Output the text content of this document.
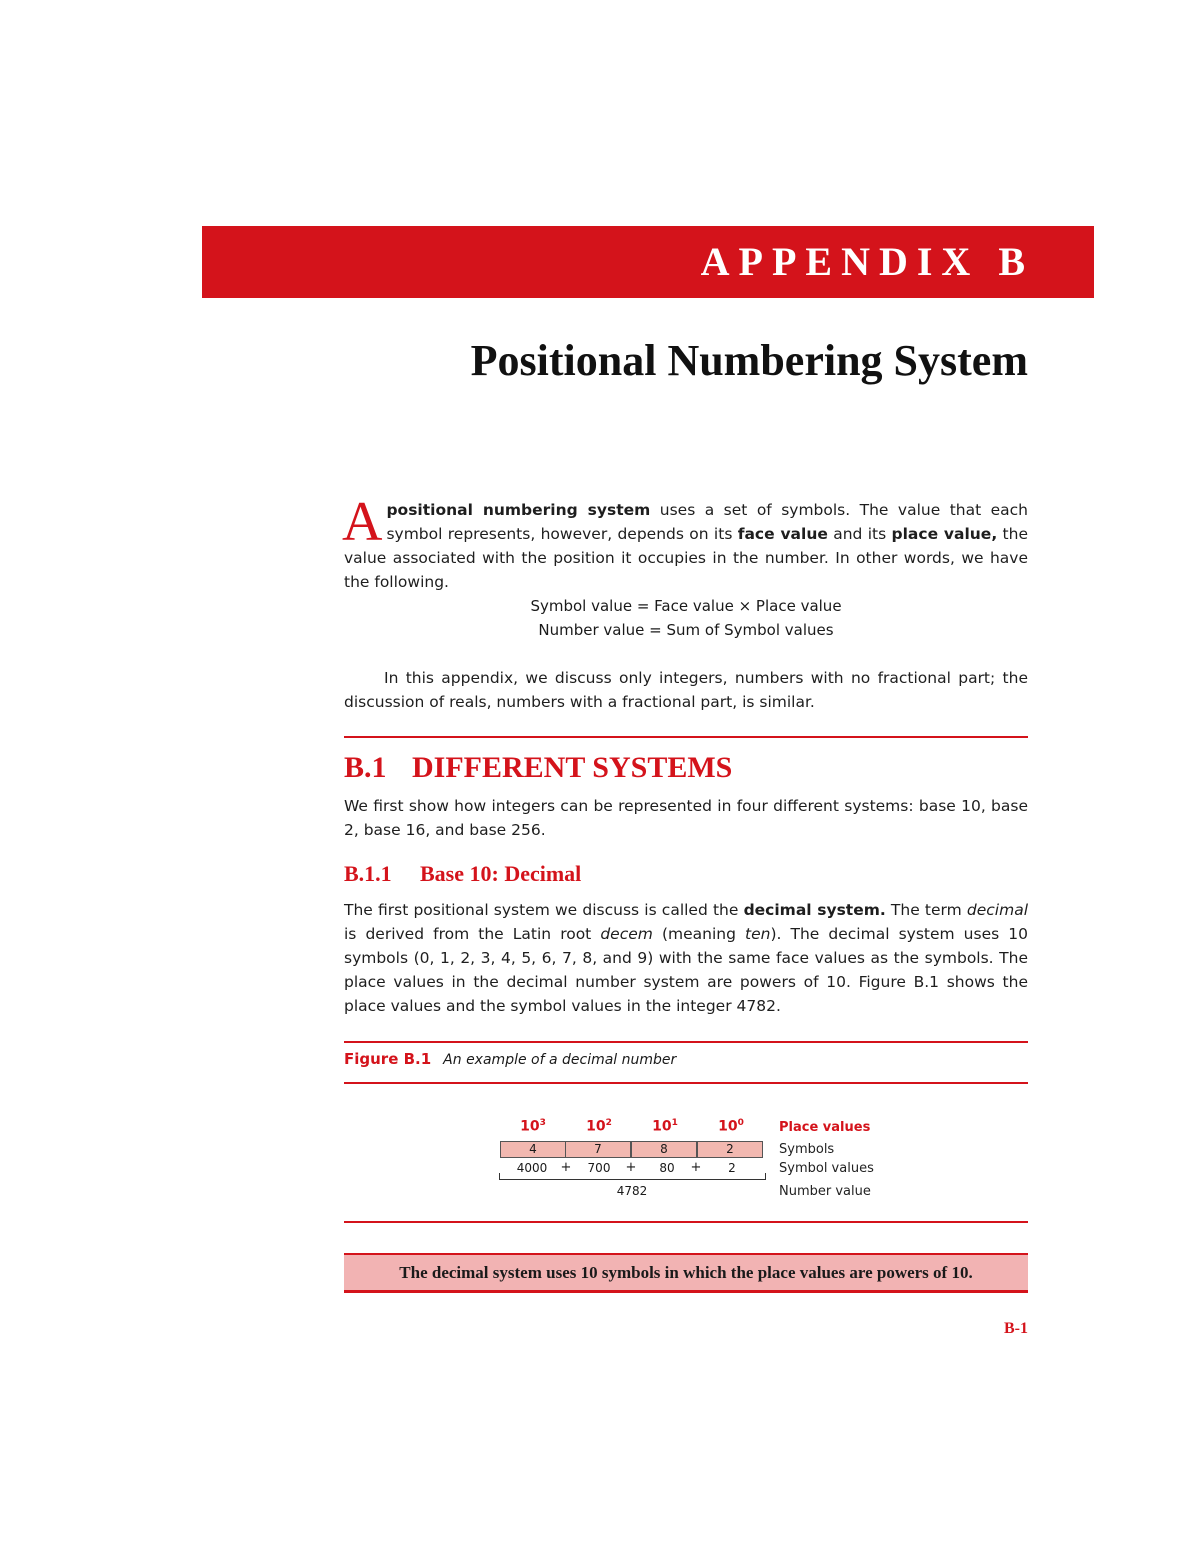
APPENDIX B
Positional Numbering System

Apositional numbering system uses a set of symbols. The value that each symbol represents, however, depends on its face value and its place value, the value associated with the position it occupies in the number. In other words, we have the following.

Symbol value = Face value × Place value
Number value = Sum of Symbol values

In this appendix, we discuss only integers, numbers with no fractional part; the discussion of reals, numbers with a fractional part, is similar.

B.1 DIFFERENT SYSTEMS

We first show how integers can be represented in four different systems: base 10, base 2, base 16, and base 256.

B.1.1 Base 10: Decimal

The first positional system we discuss is called the decimal system. The term decimal is derived from the Latin root decem (meaning ten). The decimal system uses 10 symbols (0, 1, 2, 3, 4, 5, 6, 7, 8, and 9) with the same face values as the symbols. The place values in the decimal number system are powers of 10. Figure B.1 shows the place values and the symbol values in the integer 4782.

Figure B.1 An example of a decimal number
$10^3$	$10^2$	$10^1$	$10^0$	Place values
4	7	8	2	Symbols
4000	+	700	+	80	+	2	Symbol values
4782	Number value
The decimal system uses 10 symbols in which the place values are powers of 10.
B-1
